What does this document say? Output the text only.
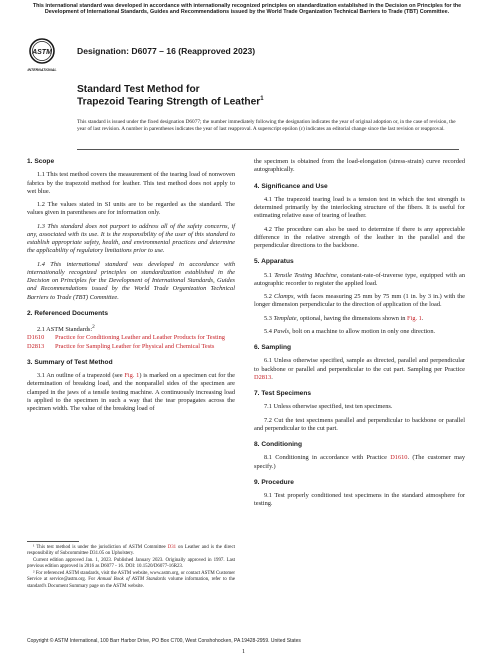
This international standard was developed in accordance with internationally recognized principles on standardization established in the Decision on Principles for the Development of International Standards, Guides and Recommendations issued by the World Trade Organization Technical Barriers to Trade (TBT) Committee.
ASTM
INTERNATIONAL
Designation: D6077 – 16 (Reapproved 2023)
Standard Test Method for
Trapezoid Tearing Strength of Leather$^1$
This standard is issued under the fixed designation D6077; the number immediately following the designation indicates the year of original adoption or, in the case of revision, the year of last revision. A number in parentheses indicates the year of last reapproval. A superscript epsilon (ε) indicates an editorial change since the last revision or reapproval.
1. Scope

1.1 This test method covers the measurement of the tearing load of nonwoven fabrics by the trapezoid method for leather. This test method does not apply to wet blue.

1.2 The values stated in SI units are to be regarded as the standard. The values given in parentheses are for information only.

1.3 This standard does not purport to address all of the safety concerns, if any, associated with its use. It is the responsibility of the user of this standard to establish appropriate safety, health, and environmental practices and determine the applicability of regulatory limitations prior to use.

1.4 This international standard was developed in accordance with internationally recognized principles on standardization established in the Decision on Principles for the Development of International Standards, Guides and Recommendations issued by the World Trade Organization Technical Barriers to Trade (TBT) Committee.

2. Referenced Documents

2.1 ASTM Standards:$^2$

D1610	Practice for Conditioning Leather and Leather Products for Testing
D2813	Practice for Sampling Leather for Physical and Chemical Tests
3. Summary of Test Method

3.1 An outline of a trapezoid (see Fig. 1) is marked on a specimen cut for the determination of breaking load, and the nonparallel sides of the specimen are clamped in the jaws of a tensile testing machine. A continuously increasing load is applied to the specimen in such a way that the tear propagates across the specimen width. The value of the breaking load of

the specimen is obtained from the load-elongation (stress-strain) curve recorded autographically.

4. Significance and Use

4.1 The trapezoid tearing load is a tension test in which the test strength is determined primarily by the interlocking structure of the fibers. It is useful for estimating relative ease of tearing of leather.

4.2 The procedure can also be used to determine if there is any appreciable difference in the relative strength of the leather in the parallel and the perpendicular directions to the backbone.

5. Apparatus

5.1 Tensile Testing Machine, constant-rate-of-traverse type, equipped with an autographic recorder to register the applied load.

5.2 Clamps, with faces measuring 25 mm by 75 mm (1 in. by 3 in.) with the longer dimension perpendicular to the direction of application of the load.

5.3 Template, optional, having the dimensions shown in Fig. 1.

5.4 Pawls, bolt on a machine to allow motion in only one direction.

6. Sampling

6.1 Unless otherwise specified, sample as directed, parallel and perpendicular to backbone or parallel and perpendicular to the cut part. Sampling per Practice D2813.

7. Test Specimens

7.1 Unless otherwise specified, test ten specimens.

7.2 Cut the test specimens parallel and perpendicular to backbone or parallel and perpendicular to the cut part.

8. Conditioning

8.1 Conditioning in accordance with Practice D1610. (The customer may specify.)

9. Procedure

9.1 Test properly conditioned test specimens in the standard atmosphere for testing.

¹ This test method is under the jurisdiction of ASTM Committee D31 on Leather and is the direct responsibility of Subcommittee D31.05 on Upholstery.

Current edition approved Jan. 1, 2023. Published January 2023. Originally approved in 1997. Last previous edition approved in 2016 as D6077 - 16. DOI: 10.1520/D6077-16R23.

² For referenced ASTM standards, visit the ASTM website, www.astm.org, or contact ASTM Customer Service at service@astm.org. For Annual Book of ASTM Standards volume information, refer to the standard's Document Summary page on the ASTM website.

Copyright © ASTM International, 100 Barr Harbor Drive, PO Box C700, West Conshohocken, PA 19428-2959. United States
1
